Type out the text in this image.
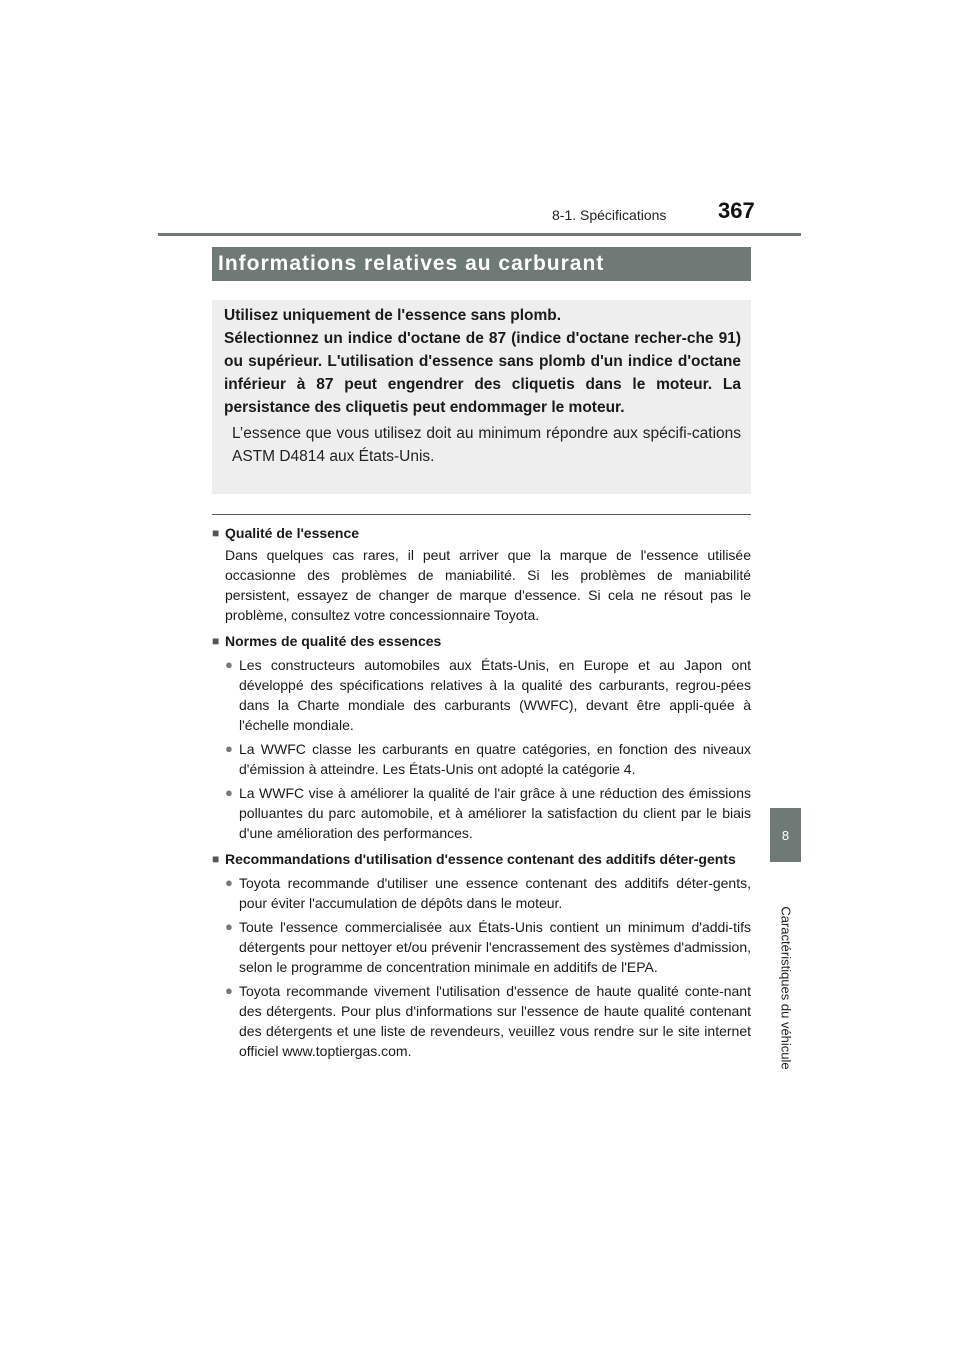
8-1. Spécifications 367
8
Caractéristiques du véhicule
Informations relatives au carburant

Utilisez uniquement de l'essence sans plomb.

Sélectionnez un indice d'octane de 87 (indice d'octane recher-che 91) ou supérieur. L'utilisation d'essence sans plomb d'un indice d'octane inférieur à 87 peut engendrer des cliquetis dans le moteur. La persistance des cliquetis peut endommager le moteur.

L’essence que vous utilisez doit au minimum répondre aux spécifi-cations ASTM D4814 aux États-Unis.

■ Qualité de l'essence
Dans quelques cas rares, il peut arriver que la marque de l'essence utilisée occasionne des problèmes de maniabilité. Si les problèmes de maniabilité persistent, essayez de changer de marque d'essence. Si cela ne résout pas le problème, consultez votre concessionnaire Toyota.
■ Normes de qualité des essences
● Les constructeurs automobiles aux États-Unis, en Europe et au Japon ont développé des spécifications relatives à la qualité des carburants, regrou-pées dans la Charte mondiale des carburants (WWFC), devant être appli-quée à l'échelle mondiale.
● La WWFC classe les carburants en quatre catégories, en fonction des niveaux d'émission à atteindre. Les États-Unis ont adopté la catégorie 4.
● La WWFC vise à améliorer la qualité de l'air grâce à une réduction des émissions polluantes du parc automobile, et à améliorer la satisfaction du client par le biais d'une amélioration des performances.
■ Recommandations d'utilisation d'essence contenant des additifs déter-gents
● Toyota recommande d'utiliser une essence contenant des additifs déter-gents, pour éviter l'accumulation de dépôts dans le moteur.
● Toute l'essence commercialisée aux États-Unis contient un minimum d'addi-tifs détergents pour nettoyer et/ou prévenir l'encrassement des systèmes d'admission, selon le programme de concentration minimale en additifs de l'EPA.
● Toyota recommande vivement l'utilisation d'essence de haute qualité conte-nant des détergents. Pour plus d'informations sur l'essence de haute qualité contenant des détergents et une liste de revendeurs, veuillez vous rendre sur le site internet officiel www.toptiergas.com.
